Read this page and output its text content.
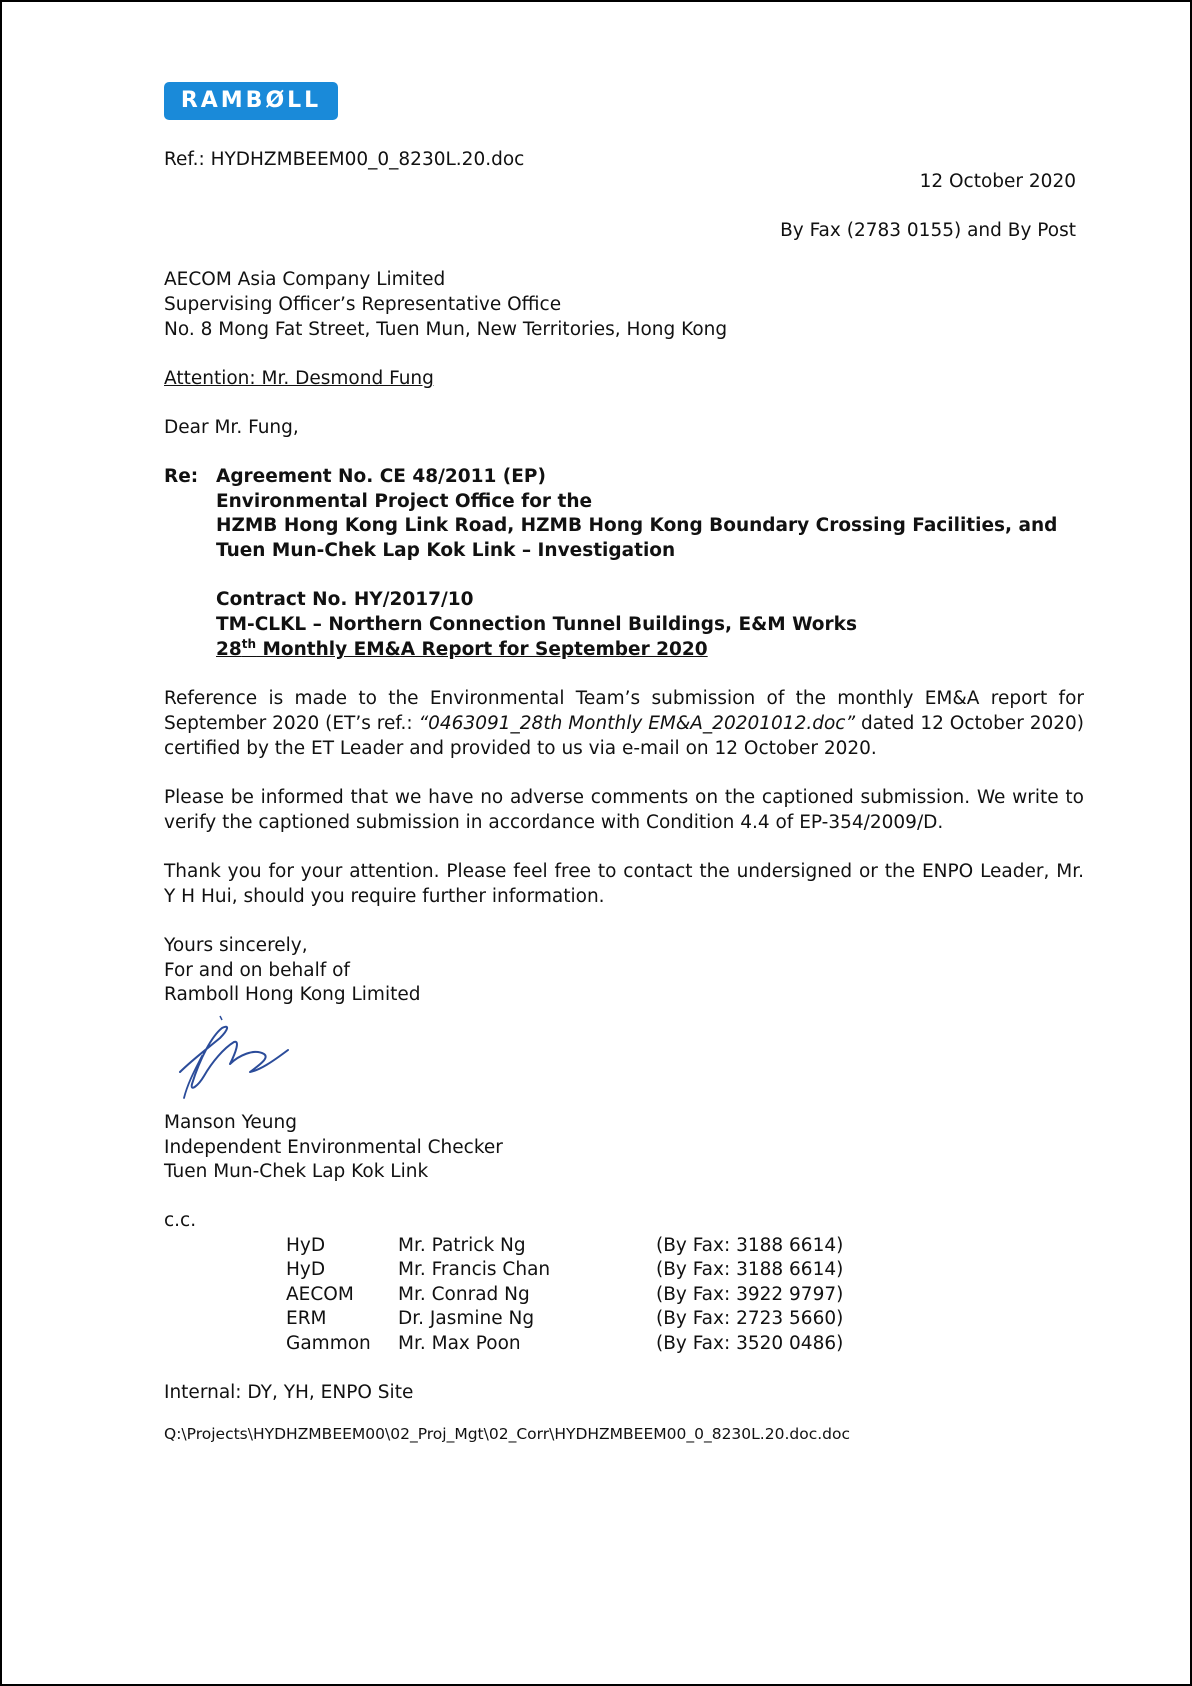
RAMBØLL
Ref.: HYDHZMBEEM00_0_8230L.20.doc
12 October 2020
By Fax (2783 0155) and By Post
AECOM Asia Company Limited
Supervising Officer’s Representative Office
No. 8 Mong Fat Street, Tuen Mun, New Territories, Hong Kong
Attention: Mr. Desmond Fung
Dear Mr. Fung,
Re: Agreement No. CE 48/2011 (EP)
Environmental Project Office for the
HZMB Hong Kong Link Road, HZMB Hong Kong Boundary Crossing Facilities, and
Tuen Mun-Chek Lap Kok Link – Investigation
Contract No. HY/2017/10
TM-CLKL – Northern Connection Tunnel Buildings, E&M Works
28th Monthly EM&A Report for September 2020
Reference is made to the Environmental Team’s submission of the monthly EM&A report for September 2020 (ET’s ref.: “0463091_28th Monthly EM&A_20201012.doc” dated 12 October 2020) certified by the ET Leader and provided to us via e-mail on 12 October 2020.
Please be informed that we have no adverse comments on the captioned submission. We write to verify the captioned submission in accordance with Condition 4.4 of EP-354/2009/D.
Thank you for your attention. Please feel free to contact the undersigned or the ENPO Leader, Mr. Y H Hui, should you require further information.
Yours sincerely,
For and on behalf of
Ramboll Hong Kong Limited
Manson Yeung
Independent Environmental Checker
Tuen Mun-Chek Lap Kok Link
c.c.
HyD	Mr. Patrick Ng	(By Fax: 3188 6614)
HyD	Mr. Francis Chan	(By Fax: 3188 6614)
AECOM Mr. Conrad Ng	(By Fax: 3922 9797)
ERM	Dr. Jasmine Ng	(By Fax: 2723 5660)
Gammon Mr. Max Poon	(By Fax: 3520 0486)
Internal: DY, YH, ENPO Site
Q:\Projects\HYDHZMBEEM00\02_Proj_Mgt\02_Corr\HYDHZMBEEM00_0_8230L.20.doc.doc
